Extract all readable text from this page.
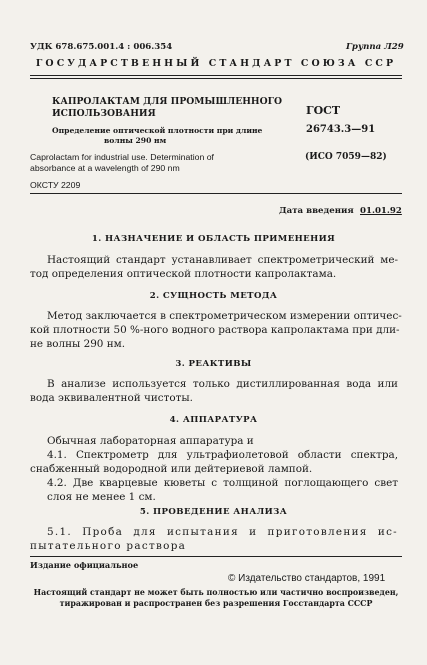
УДК 678.675.001.4 : 006.354	Группа Л29
ГОСУДАРСТВЕННЫЙ СТАНДАРТ СОЮЗА ССР
КАПРОЛАКТАМ ДЛЯ ПРОМЫШЛЕННОГО
ИСПОЛЬЗОВАНИЯ
Определение оптической плотности при длине
волны 290 нм
Caprolactam for industrial use. Determination of
absorbance at a wavelength of 290 nm
ОКСТУ 2209
ГОСТ
26743.3—91
(ИСО 7059—82)
Дата введения 01.01.92
1. НАЗНАЧЕНИЕ И ОБЛАСТЬ ПРИМЕНЕНИЯ
Настоящий стандарт устанавливает спектрометрический ме-
тод определения оптической плотности капролактама.
2. СУЩНОСТЬ МЕТОДА
Метод заключается в спектрометрическом измерении оптичес-
кой плотности 50 %-ного водного раствора капролактама при дли-
не волны 290 нм.
3. РЕАКТИВЫ
В анализе используется только дистиллированная вода или
вода эквивалентной чистоты.
4. АППАРАТУРА
Обычная лабораторная аппаратура и
4.1. Спектрометр для ультрафиолетовой области спектра,
снабженный водородной или дейтериевой лампой.
4.2. Две кварцевые кюветы с толщиной поглощающего свет
слоя не менее 1 см.
5. ПРОВЕДЕНИЕ АНАЛИЗА
5.1. Проба для испытания и приготовления ис-
пытательного раствора
Издание официальное
© Издательство стандартов, 1991
Настоящий стандарт не может быть полностью или частично воспроизведен,
тиражирован и распространен без разрешения Госстандарта СССР
